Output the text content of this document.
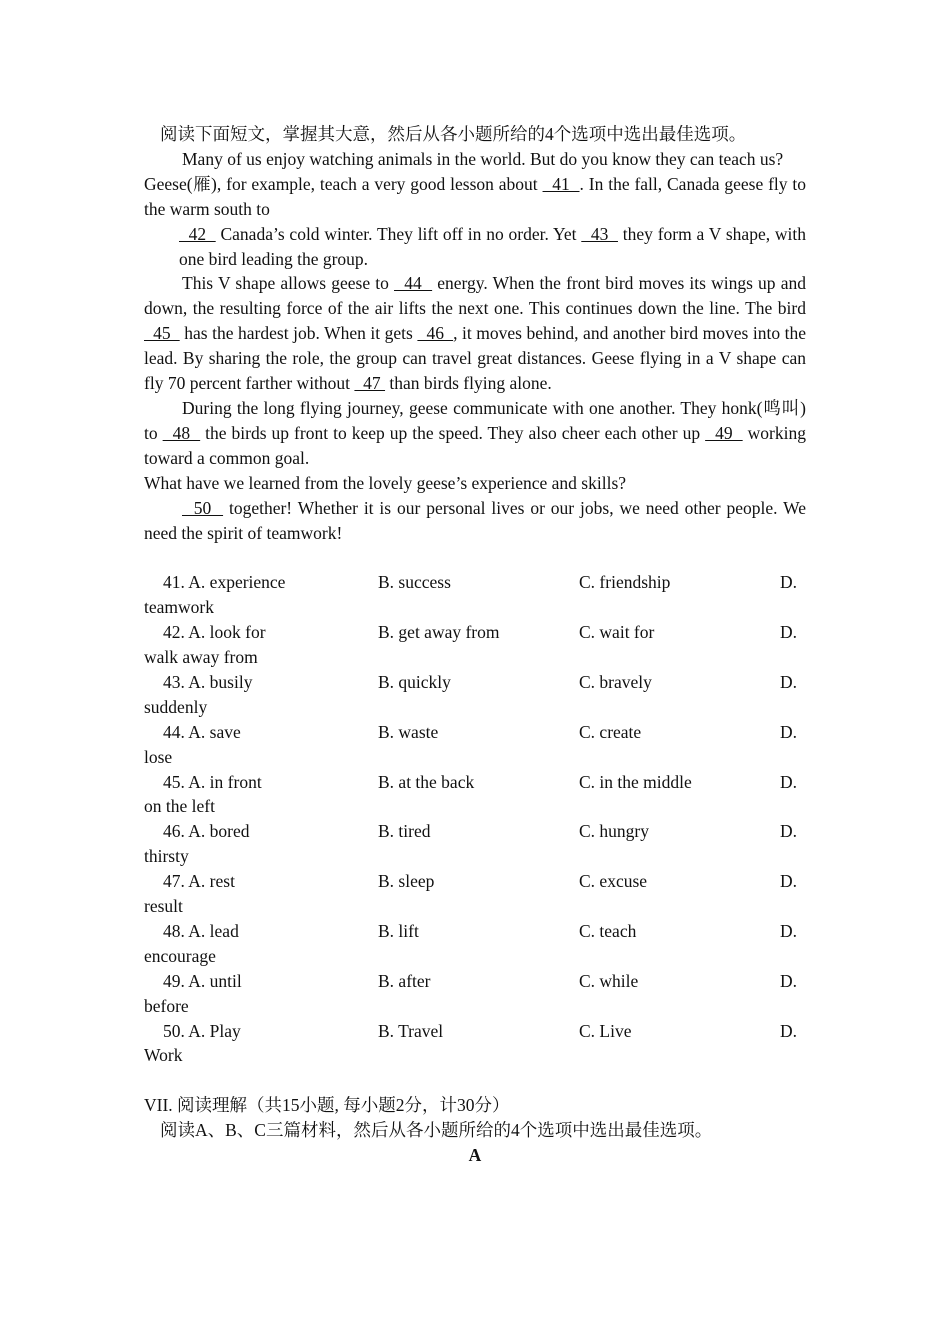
阅读下面短文，掌握其大意，然后从各小题所给的4个选项中选出最佳选项。

Many of us enjoy watching animals in the world. But do you know they can teach us?

Geese(雁), for example, teach a very good lesson about   41  . In the fall, Canada geese fly to the warm south to

42   Canada’s cold winter. They lift off in no order. Yet   43   they form a V shape, with one bird leading the group.

This V shape allows geese to   44   energy. When the front bird moves its wings up and down, the resulting force of the air lifts the next one. This continues down the line. The bird   45   has the hardest job. When it gets   46  , it moves behind, and another bird moves into the lead. By sharing the role, the group can travel great distances. Geese flying in a V shape can fly 70 percent farther without   47  than birds flying alone.

During the long flying journey, geese communicate with one another. They honk(鸣叫) to   48   the birds up front to keep up the speed. They also cheer each other up   49   working toward a common goal.

What have we learned from the lovely geese’s experience and skills?

50   together! Whether it is our personal lives or our jobs, we need other people. We need the spirit of teamwork!

41. A. experience	B. success	C. friendship	D.
teamwork
42. A. look for	B. get away from	C. wait for	D.
walk away from
43. A. busily	B. quickly	C. bravely	D.
suddenly
44. A. save	B. waste	C. create	D.
lose
45. A. in front	B. at the back	C. in the middle	D.
on the left
46. A. bored	B. tired	C. hungry	D.
thirsty
47. A. rest	B. sleep	C. excuse	D.
result
48. A. lead	B. lift	C. teach	D.
encourage
49. A. until	B. after	C. while	D.
before
50. A. Play	B. Travel	C. Live	D.
Work

VII. 阅读理解（共15小题, 每小题2分，计30分）

阅读A、B、C三篇材料，然后从各小题所给的4个选项中选出最佳选项。

A
